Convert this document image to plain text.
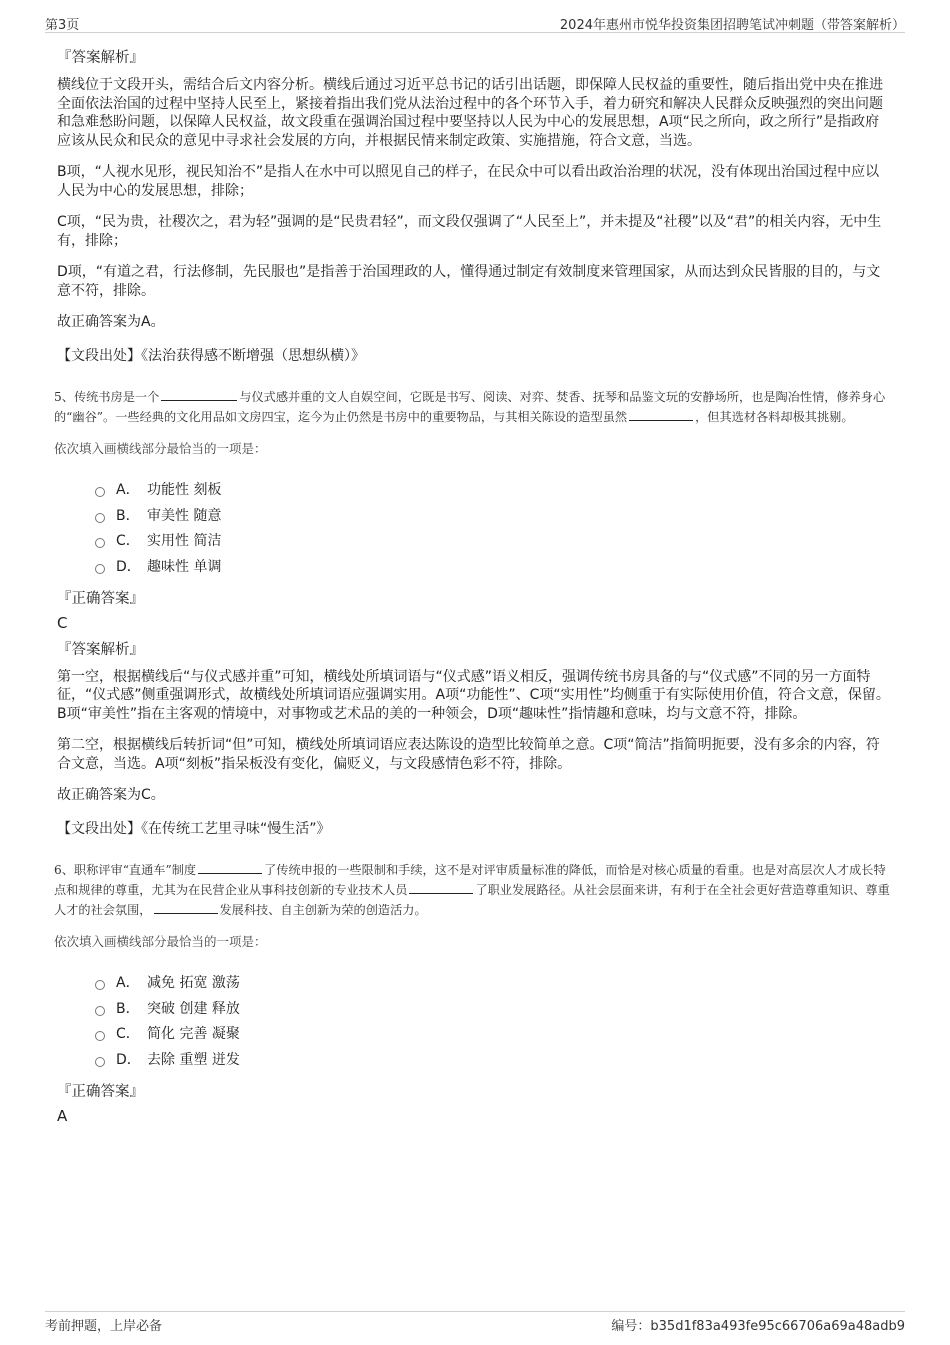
第3页	2024年惠州市悦华投资集团招聘笔试冲刺题（带答案解析）
『答案解析』

横线位于文段开头，需结合后文内容分析。横线后通过习近平总书记的话引出话题，即保障人民权益的重要性，随后指出党中央在推进全面依法治国的过程中坚持人民至上，紧接着指出我们党从法治过程中的各个环节入手，着力研究和解决人民群众反映强烈的突出问题和急难愁盼问题，以保障人民权益，故文段重在强调治国过程中要坚持以人民为中心的发展思想，A项“民之所向，政之所行”是指政府应该从民众和民众的意见中寻求社会发展的方向，并根据民情来制定政策、实施措施，符合文意，当选。

B项，“人视水见形，视民知治不”是指人在水中可以照见自己的样子，在民众中可以看出政治治理的状况，没有体现出治国过程中应以人民为中心的发展思想，排除；

C项，“民为贵，社稷次之，君为轻”强调的是“民贵君轻”，而文段仅强调了“人民至上”，并未提及“社稷”以及“君”的相关内容，无中生有，排除；

D项，“有道之君，行法修制，先民服也”是指善于治国理政的人，懂得通过制定有效制度来管理国家，从而达到众民皆服的目的，与文意不符，排除。

故正确答案为A。

【文段出处】《法治获得感不断增强（思想纵横）》
5、传统书房是一个	与仪式感并重的文人自娱空间，它既是书写、阅读、对弈、焚香、抚琴和品鉴文玩的安静场所，也是陶冶性情，修养身心的“幽谷”。一些经典的文化用品如文房四宝，迄今为止仍然是书房中的重要物品，与其相关陈设的造型虽然	，但其选材各料却极其挑剔。
依次填入画横线部分最恰当的一项是：
A． 功能性 刻板
B． 审美性 随意
C． 实用性 简洁
D． 趣味性 单调
『正确答案』
C
『答案解析』

第一空，根据横线后“与仪式感并重”可知，横线处所填词语与“仪式感”语义相反，强调传统书房具备的与“仪式感”不同的另一方面特征，“仪式感”侧重强调形式，故横线处所填词语应强调实用。A项“功能性”、C项“实用性”均侧重于有实际使用价值，符合文意，保留。B项“审美性”指在主客观的情境中，对事物或艺术品的美的一种领会，D项“趣味性”指情趣和意味，均与文意不符，排除。

第二空，根据横线后转折词“但”可知，横线处所填词语应表达陈设的造型比较简单之意。C项“简洁”指简明扼要，没有多余的内容，符合文意，当选。A项“刻板”指呆板没有变化，偏贬义，与文段感情色彩不符，排除。

故正确答案为C。

【文段出处】《在传统工艺里寻味“慢生活”》
6、职称评审“直通车”制度	了传统申报的一些限制和手续，这不是对评审质量标准的降低，而恰是对核心质量的看重。也是对高层次人才成长特点和规律的尊重，尤其为在民营企业从事科技创新的专业技术人员	了职业发展路径。从社会层面来讲，有利于在全社会更好营造尊重知识、尊重人才的社会氛围，	发展科技、自主创新为荣的创造活力。
依次填入画横线部分最恰当的一项是：
A． 减免 拓宽 激荡
B． 突破 创建 释放
C． 简化 完善 凝聚
D． 去除 重塑 迸发
『正确答案』
A
考前押题，上岸必备	编号：b35d1f83a493fe95c66706a69a48adb9
